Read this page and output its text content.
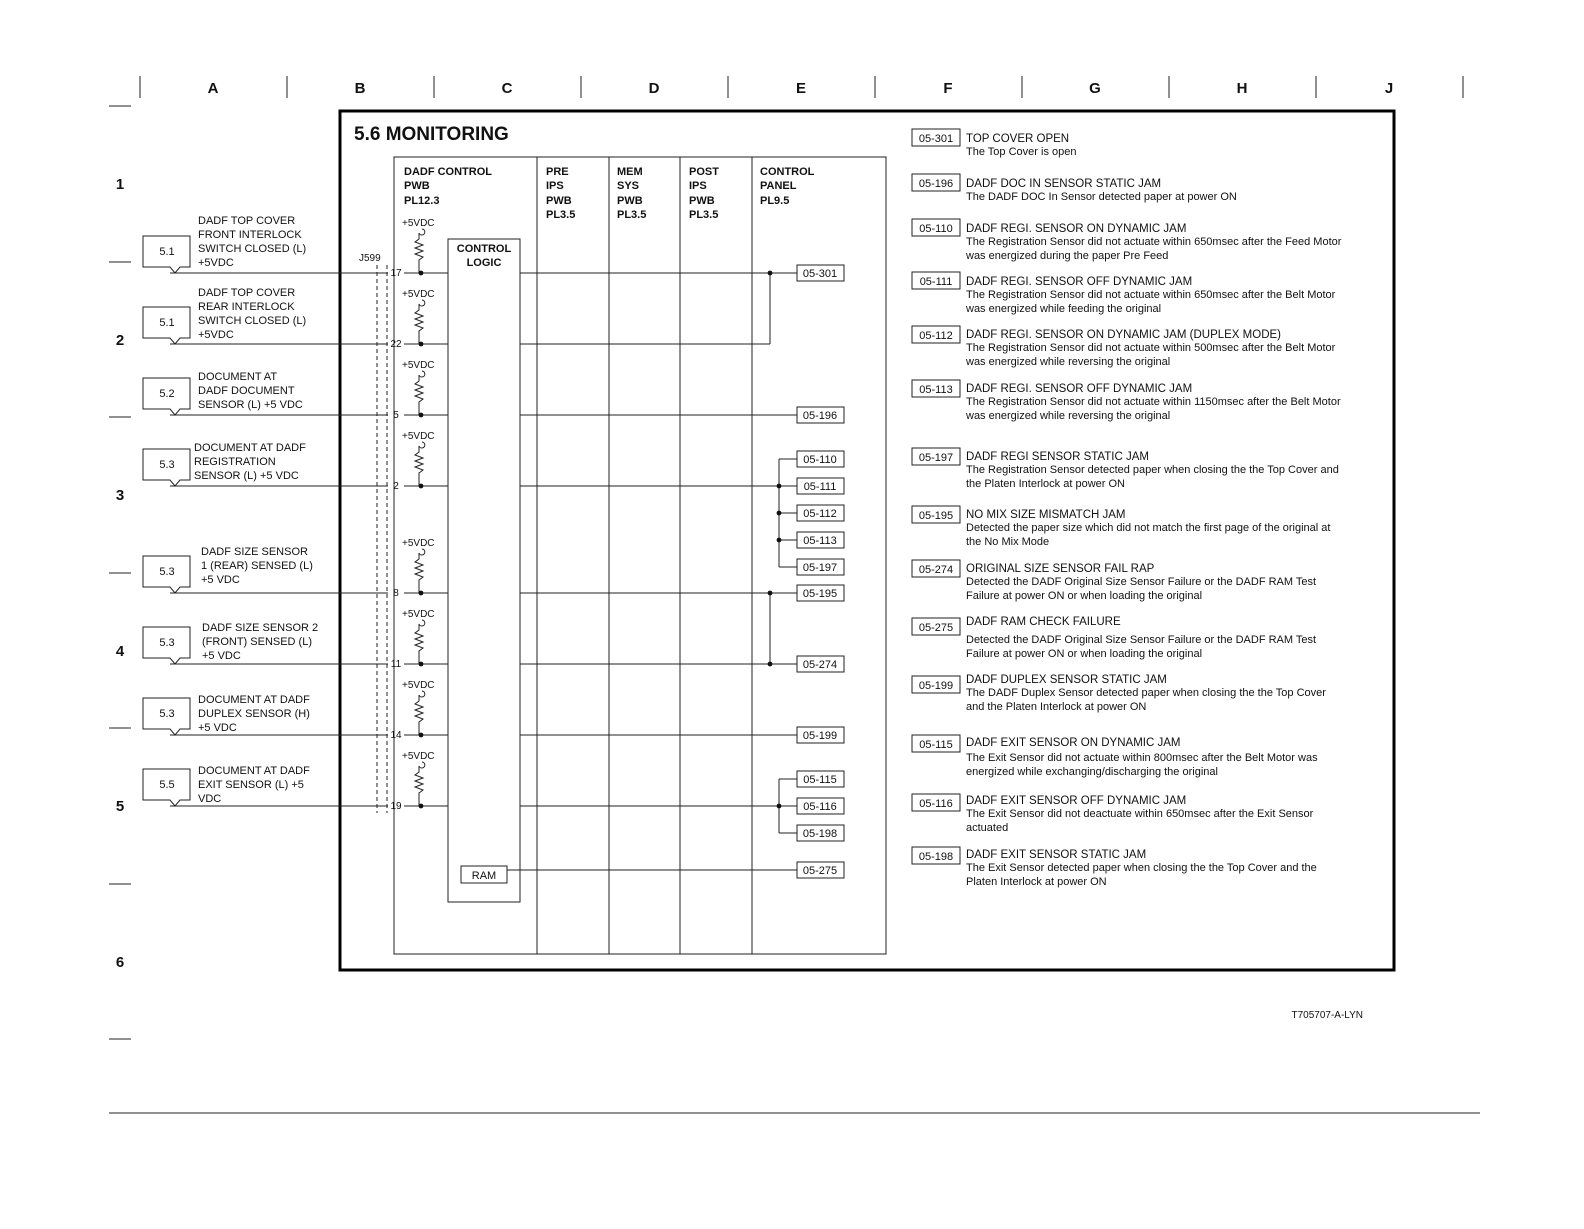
A	B	C	D	E	F	G	H	J
1
2
3
4
5
6
5.6 MONITORING
DADF CONTROL
PWB
PL12.3
PRE
IPS
PWB
PL3.5
MEM
SYS
PWB
PL3.5
POST
IPS
PWB
PL3.5
CONTROL
PANEL
PL9.5
CONTROL
LOGIC
RAM
J599
5.1
DADF TOP COVER
FRONT INTERLOCK
SWITCH CLOSED (L)
+5VDC
17
+5VDC
5.1
DADF TOP COVER
REAR INTERLOCK
SWITCH CLOSED (L)
+5VDC
22
+5VDC
5.2
DOCUMENT AT
DADF DOCUMENT
SENSOR (L) +5 VDC
5
+5VDC
5.3
DOCUMENT AT DADF
REGISTRATION
SENSOR (L) +5 VDC
2
+5VDC
5.3
DADF SIZE SENSOR
1 (REAR) SENSED (L)
+5 VDC
8
+5VDC
5.3
DADF SIZE SENSOR 2
(FRONT) SENSED (L)
+5 VDC
11
+5VDC
5.3
DOCUMENT AT DADF
DUPLEX SENSOR (H)
+5 VDC
14
+5VDC
5.5
DOCUMENT AT DADF
EXIT SENSOR (L) +5
VDC
19
+5VDC
05-301
05-196
05-110
05-111
05-112
05-113
05-197
05-195
05-274
05-199
05-115
05-116
05-198
05-275
05-301 TOP COVER OPEN
The Top Cover is open
05-196 DADF DOC IN SENSOR STATIC JAM
The DADF DOC In Sensor detected paper at power ON
05-110 DADF REGI. SENSOR ON DYNAMIC JAM
The Registration Sensor did not actuate within 650msec after the Feed Motor
was energized during the paper Pre Feed
05-111 DADF REGI. SENSOR OFF DYNAMIC JAM
The Registration Sensor did not actuate within 650msec after the Belt Motor
was energized while feeding the original
05-112 DADF REGI. SENSOR ON DYNAMIC JAM (DUPLEX MODE)
The Registration Sensor did not actuate within 500msec after the Belt Motor
was energized while reversing the original
05-113 DADF REGI. SENSOR OFF DYNAMIC JAM
The Registration Sensor did not actuate within 1150msec after the Belt Motor
was energized while reversing the original
05-197 DADF REGI SENSOR STATIC JAM
The Registration Sensor detected paper when closing the the Top Cover and
the Platen Interlock at power ON
05-195 NO MIX SIZE MISMATCH JAM
Detected the paper size which did not match the first page of the original at
the No Mix Mode
05-274 ORIGINAL SIZE SENSOR FAIL RAP
Detected the DADF Original Size Sensor Failure or the DADF RAM Test
Failure at power ON or when loading the original
05-275 DADF RAM CHECK FAILURE
Detected the DADF Original Size Sensor Failure or the DADF RAM Test
Failure at power ON or when loading the original
05-199 DADF DUPLEX SENSOR STATIC JAM
The DADF Duplex Sensor detected paper when closing the the Top Cover
and the Platen Interlock at power ON
05-115 DADF EXIT SENSOR ON DYNAMIC JAM
The Exit Sensor did not actuate within 800msec after the Belt Motor was
energized while exchanging/discharging the original
05-116 DADF EXIT SENSOR OFF DYNAMIC JAM
The Exit Sensor did not deactuate within 650msec after the Exit Sensor
actuated
05-198 DADF EXIT SENSOR STATIC JAM
The Exit Sensor detected paper when closing the the Top Cover and the
Platen Interlock at power ON
T705707-A-LYN
